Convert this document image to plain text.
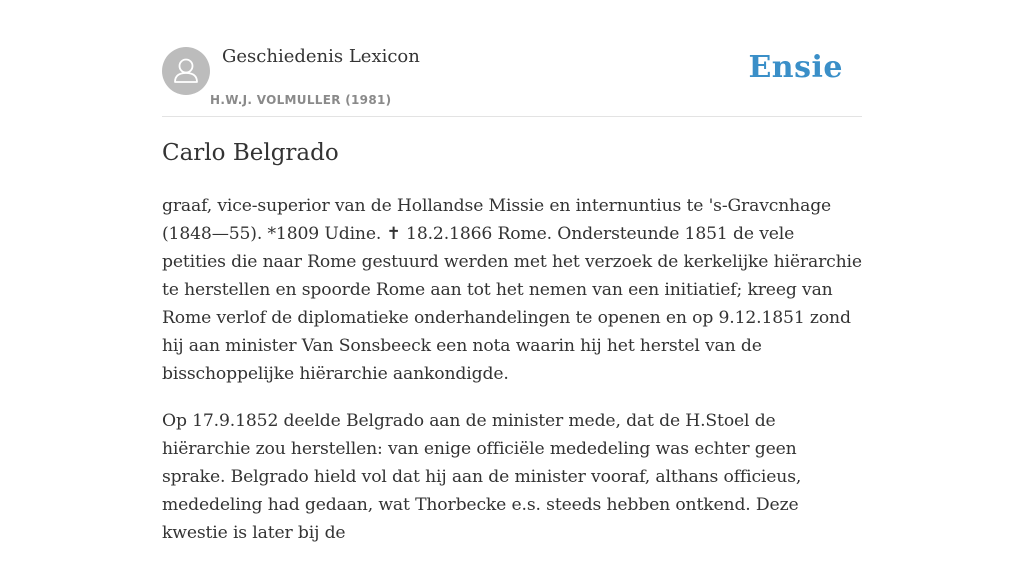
Geschiedenis Lexicon
H.W.J. VOLMULLER (1981)
Ensie
Carlo Belgrado

graaf, vice-superior van de Hollandse Missie en internuntius te 's-Gravcnhage (1848—55). *1809 Udine. ✝ 18.2.1866 Rome. Ondersteunde 1851 de vele petities die naar Rome gestuurd werden met het verzoek de kerkelijke hiërarchie te herstellen en spoorde Rome aan tot het nemen van een initiatief; kreeg van Rome verlof de diplomatieke onderhandelingen te openen en op 9.12.1851 zond hij aan minister Van Sonsbeeck een nota waarin hij het herstel van de bisschoppelijke hiërarchie aankondigde.

Op 17.9.1852 deelde Belgrado aan de minister mede, dat de H.Stoel de hiërarchie zou herstellen: van enige officiële mededeling was echter geen sprake. Belgrado hield vol dat hij aan de minister vooraf, althans officieus, mededeling had gedaan, wat Thorbecke e.s. steeds hebben ontkend. Deze kwestie is later bij de
